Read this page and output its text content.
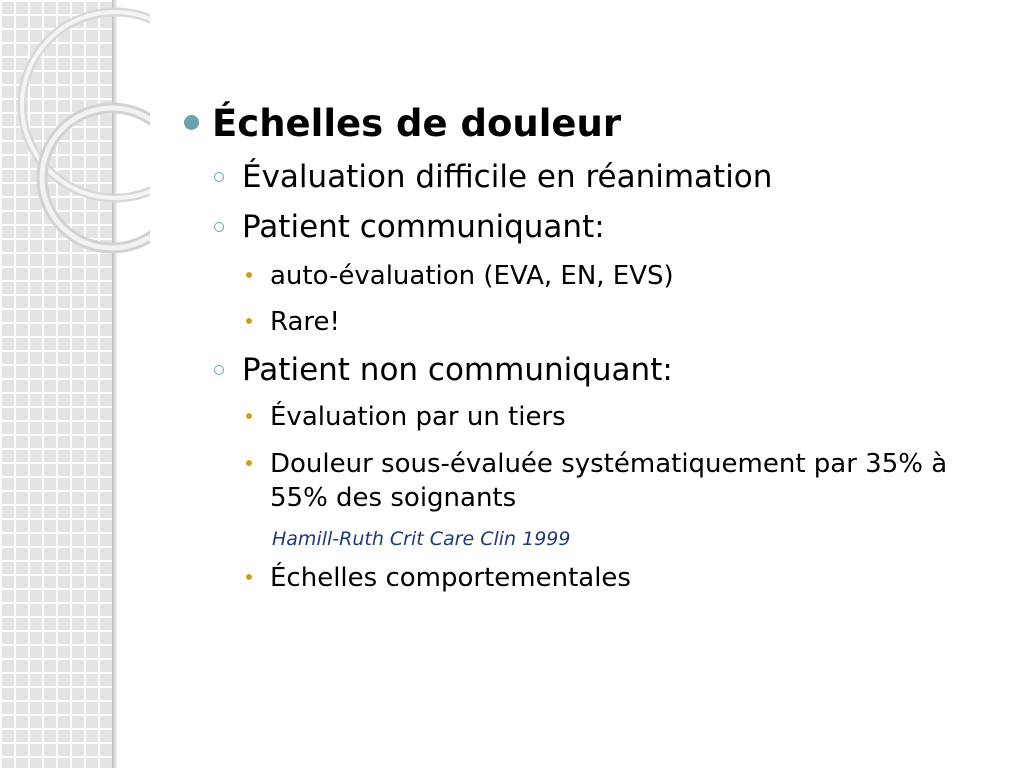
Échelles de douleur
Évaluation difficile en réanimation
Patient communiquant:
auto-évaluation (EVA, EN, EVS)
Rare!
Patient non communiquant:
Évaluation par un tiers
Douleur sous-évaluée systématiquement par 35% à 55% des soignants
Hamill-Ruth Crit Care Clin 1999
Échelles comportementales
